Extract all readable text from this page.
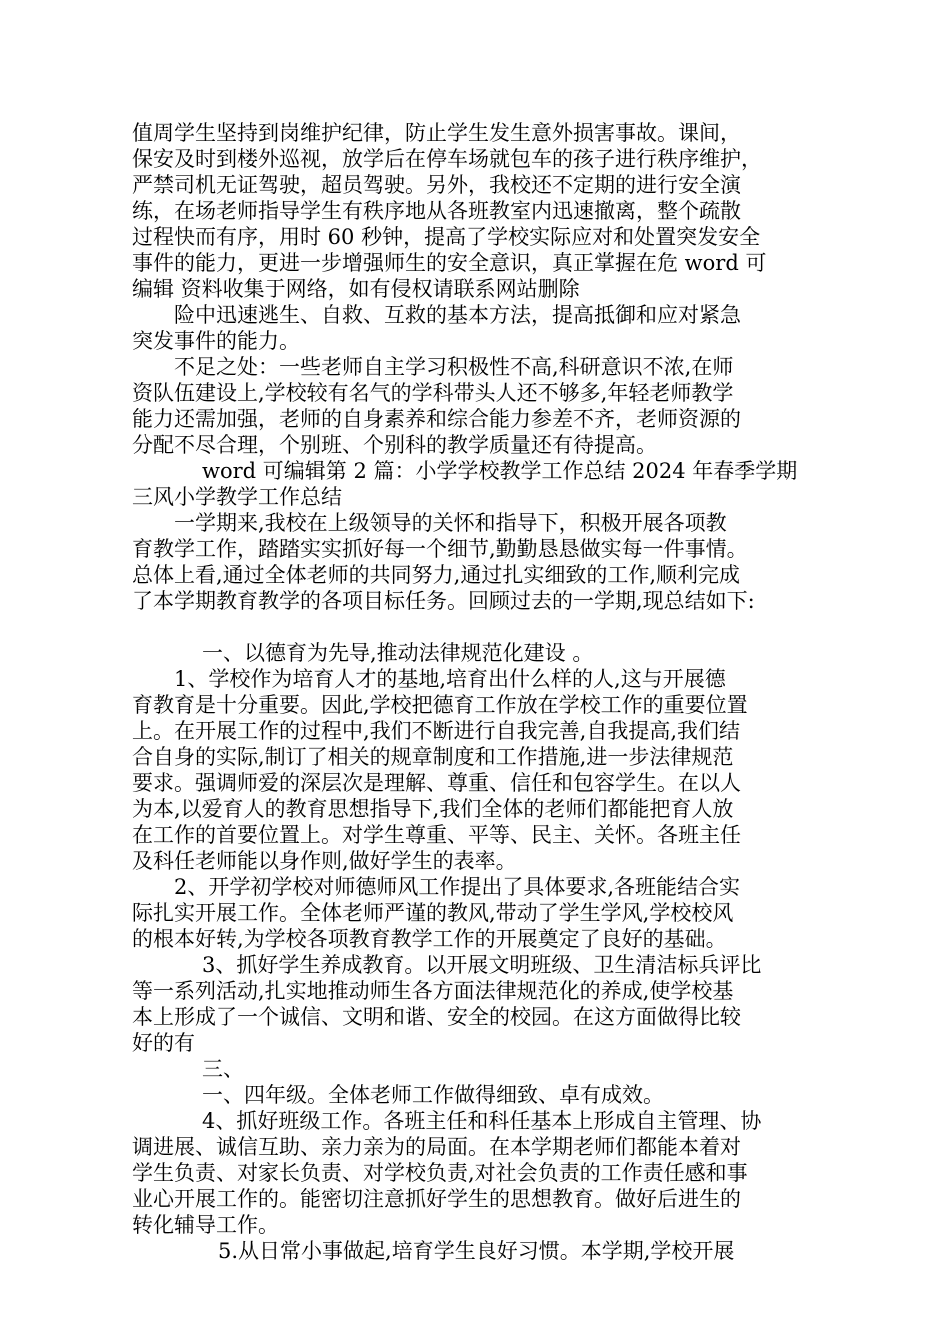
值周学生坚持到岗维护纪律，防止学生发生意外损害事故。课间，
保安及时到楼外巡视，放学后在停车场就包车的孩子进行秩序维护，
严禁司机无证驾驶，超员驾驶。另外，我校还不定期的进行安全演
练，在场老师指导学生有秩序地从各班教室内迅速撤离，整个疏散
过程快而有序，用时 60 秒钟，提高了学校实际应对和处置突发安全
事件的能力，更进一步增强师生的安全意识，真正掌握在危 word 可
编辑 资料收集于网络，如有侵权请联系网站删除
险中迅速逃生、自救、互救的基本方法，提高抵御和应对紧急
突发事件的能力。
不足之处：一些老师自主学习积极性不高,科研意识不浓,在师
资队伍建设上,学校较有名气的学科带头人还不够多,年轻老师教学
能力还需加强，老师的自身素养和综合能力参差不齐，老师资源的
分配不尽合理，个别班、个别科的教学质量还有待提高。
word 可编辑第 2 篇：小学学校教学工作总结 2024 年春季学期
三风小学教学工作总结
一学期来,我校在上级领导的关怀和指导下，积极开展各项教
育教学工作，踏踏实实抓好每一个细节,勤勤恳恳做实每一件事情。
总体上看,通过全体老师的共同努力,通过扎实细致的工作,顺利完成
了本学期教育教学的各项目标任务。回顾过去的一学期,现总结如下:
一、以德育为先导,推动法律规范化建设 。
1、学校作为培育人才的基地,培育出什么样的人,这与开展德
育教育是十分重要。因此,学校把德育工作放在学校工作的重要位置
上。在开展工作的过程中,我们不断进行自我完善,自我提高,我们结
合自身的实际,制订了相关的规章制度和工作措施,进一步法律规范
要求。强调师爱的深层次是理解、尊重、信任和包容学生。在以人
为本,以爱育人的教育思想指导下,我们全体的老师们都能把育人放
在工作的首要位置上。对学生尊重、平等、民主、关怀。各班主任
及科任老师能以身作则,做好学生的表率。
2、开学初学校对师德师风工作提出了具体要求,各班能结合实
际扎实开展工作。全体老师严谨的教风,带动了学生学风,学校校风
的根本好转,为学校各项教育教学工作的开展奠定了良好的基础。
3、抓好学生养成教育。以开展文明班级、卫生清洁标兵评比
等一系列活动,扎实地推动师生各方面法律规范化的养成,使学校基
本上形成了一个诚信、文明和谐、安全的校园。在这方面做得比较
好的有
三、
一、四年级。全体老师工作做得细致、卓有成效。
4、抓好班级工作。各班主任和科任基本上形成自主管理、协
调进展、诚信互助、亲力亲为的局面。在本学期老师们都能本着对
学生负责、对家长负责、对学校负责,对社会负责的工作责任感和事
业心开展工作的。能密切注意抓好学生的思想教育。做好后进生的
转化辅导工作。
5.从日常小事做起,培育学生良好习惯。本学期,学校开展
